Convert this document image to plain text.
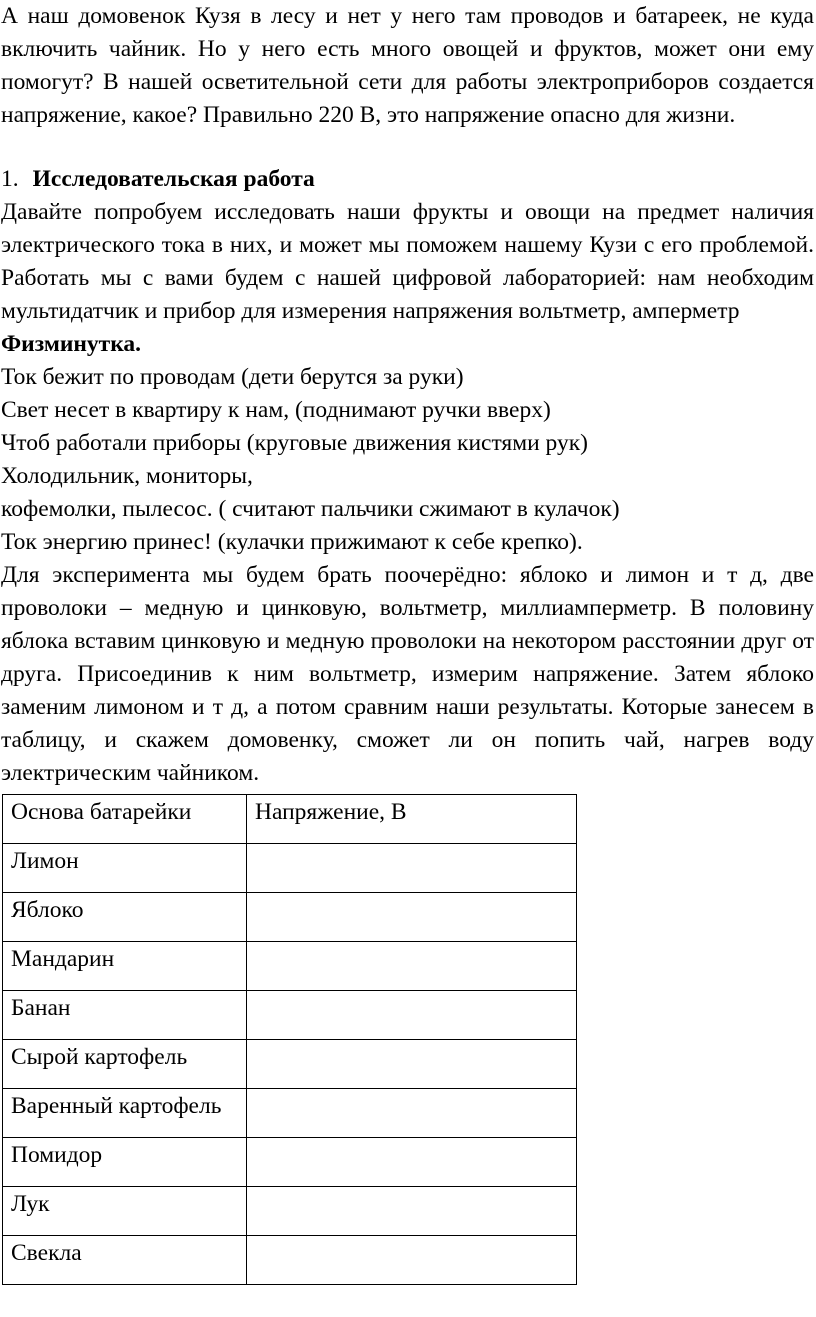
А наш домовенок Кузя в лесу и нет у него там проводов и батареек, не куда включить чайник. Но у него есть много овощей и фруктов, может они ему помогут? В нашей осветительной сети для работы электроприборов создается напряжение, какое? Правильно 220 В, это напряжение опасно для жизни.

1. Исследовательская работа

Давайте попробуем исследовать наши фрукты и овощи на предмет наличия электрического тока в них, и может мы поможем нашему Кузи с его проблемой. Работать мы с вами будем с нашей цифровой лабораторией: нам необходим мультидатчик и прибор для измерения напряжения вольтметр, амперметр

Физминутка.

Ток бежит по проводам (дети берутся за руки)

Свет несет в квартиру к нам, (поднимают ручки вверх)

Чтоб работали приборы (круговые движения кистями рук)

Холодильник, мониторы,

кофемолки, пылесос. ( считают пальчики сжимают в кулачок)

Ток энергию принес! (кулачки прижимают к себе крепко).

Для эксперимента мы будем брать поочерёдно: яблоко и лимон и т д, две проволоки – медную и цинковую, вольтметр, миллиамперметр. В половину яблока вставим цинковую и медную проволоки на некотором расстоянии друг от друга. Присоединив к ним вольтметр, измерим напряжение. Затем яблоко заменим лимоном и т д, а потом сравним наши результаты. Которые занесем в таблицу, и скажем домовенку, сможет ли он попить чай, нагрев воду электрическим чайником.

Основа батарейки	Напряжение, В
Лимон	
Яблоко	
Мандарин	
Банан	
Сырой картофель	
Варенный картофель	
Помидор	
Лук	
Свекла	
